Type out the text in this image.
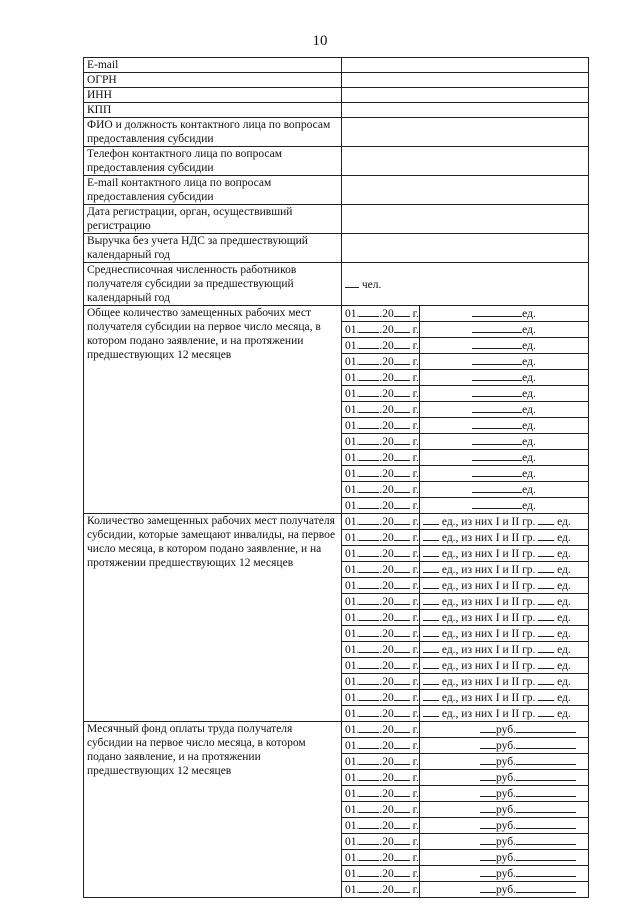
10
E-mail		
ОГРН		
ИНН		
КПП		
ФИО и должность контактного лица по вопросам предоставления субсидии		
Телефон контактного лица по вопросам предоставления субсидии		
E-mail контактного лица по вопросам предоставления субсидии		
Дата регистрации, орган, осуществивший регистрацию		
Выручка без учета НДС за предшествующий календарный год		
Среднесписочная численность работников получателя субсидии за предшествующий календарный год	чел.	
Общее количество замещенных рабочих мест получателя субсидии на первое число месяца, в котором подано заявление, и на протяжении предшествующих 12 месяцев	01. .20 г.	ед.
	01. .20 г.	ед.
	01. .20 г.	ед.
	01. .20 г.	ед.
	01. .20 г.	ед.
	01. .20 г.	ед.
	01. .20 г.	ед.
	01. .20 г.	ед.
	01. .20 г.	ед.
	01. .20 г.	ед.
	01. .20 г.	ед.
	01. .20 г.	ед.
	01. .20 г.	ед.
Количество замещенных рабочих мест получателя субсидии, которые замещают инвалиды, на первое число месяца, в котором подано заявление, и на протяжении предшествующих 12 месяцев	01. .20 г.	ед., из них I и II гр.  ед.
	01. .20 г.	ед., из них I и II гр.  ед.
	01. .20 г.	ед., из них I и II гр.  ед.
	01. .20 г.	ед., из них I и II гр.  ед.
	01. .20 г.	ед., из них I и II гр.  ед.
	01. .20 г.	ед., из них I и II гр.  ед.
	01. .20 г.	ед., из них I и II гр.  ед.
	01. .20 г.	ед., из них I и II гр.  ед.
	01. .20 г.	ед., из них I и II гр.  ед.
	01. .20 г.	ед., из них I и II гр.  ед.
	01. .20 г.	ед., из них I и II гр.  ед.
	01. .20 г.	ед., из них I и II гр.  ед.
	01. .20 г.	ед., из них I и II гр.  ед.
Месячный фонд оплаты труда получателя субсидии на первое число месяца, в котором подано заявление, и на протяжении предшествующих 12 месяцев	01. .20 г.	руб.
	01. .20 г.	руб.
	01. .20 г.	руб.
	01. .20 г.	руб.
	01. .20 г.	руб.
	01. .20 г.	руб.
	01. .20 г.	руб.
	01. .20 г.	руб.
	01. .20 г.	руб.
	01. .20 г.	руб.
	01. .20 г.	руб.
